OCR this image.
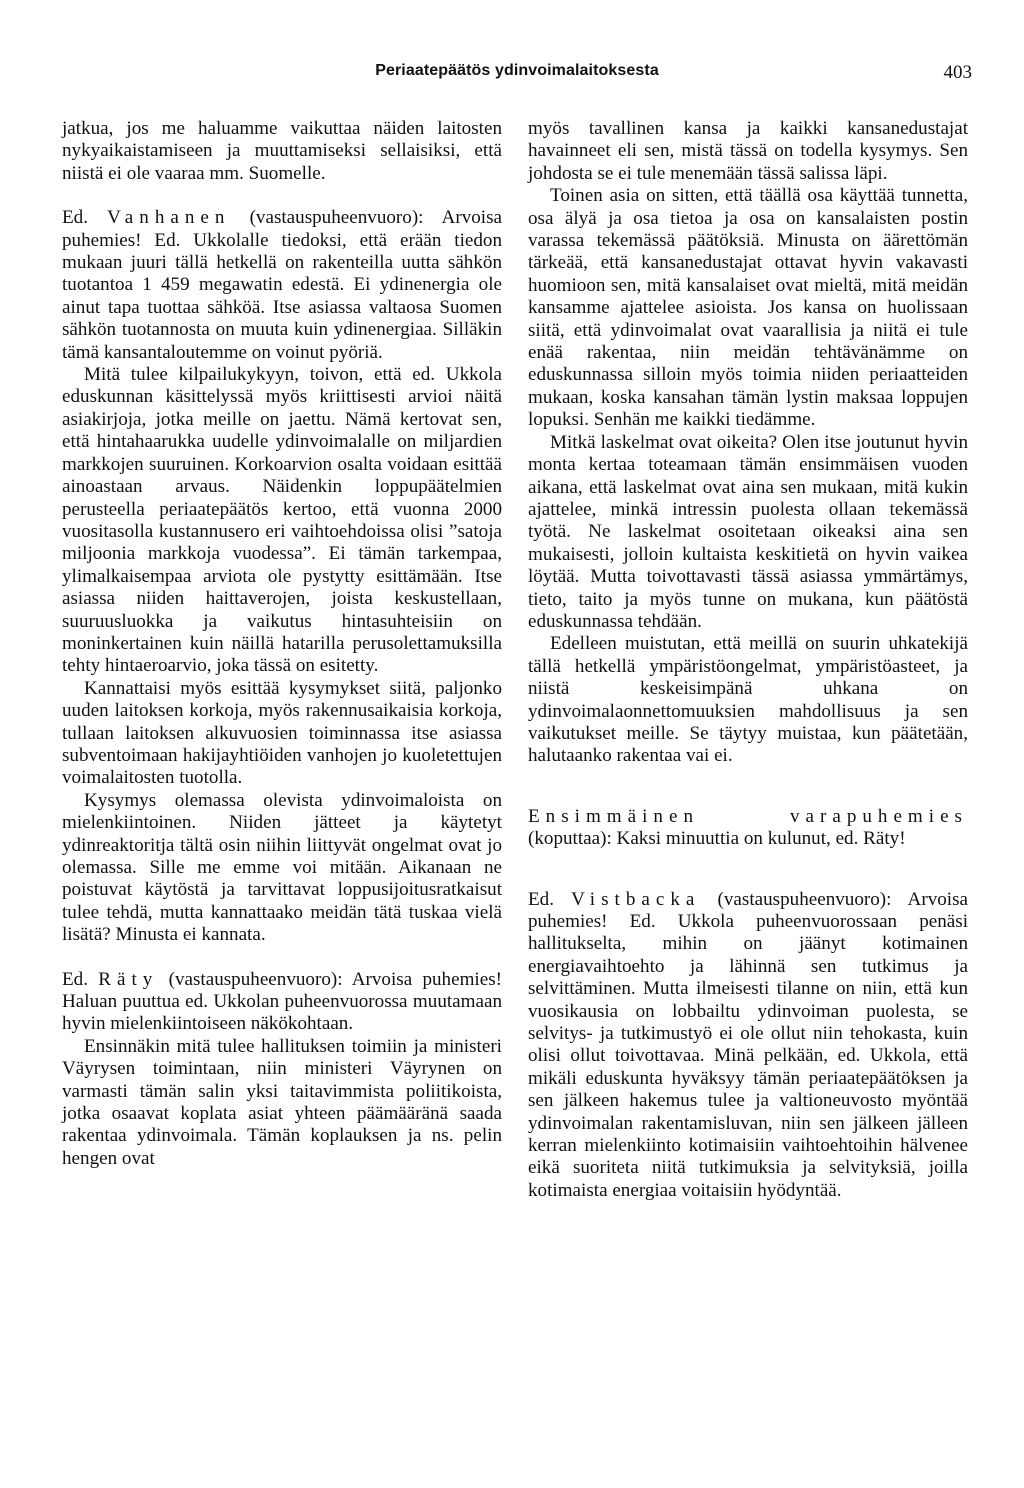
Periaatepäätös ydinvoimalaitoksesta	403

jatkua, jos me haluamme vaikuttaa näiden laitosten nykyaikaistamiseen ja muuttamiseksi sellaisiksi, että niistä ei ole vaaraa mm. Suomelle.

Ed. Vanhanen (vastauspuheenvuoro): Arvoisa puhemies! Ed. Ukkolalle tiedoksi, että erään tiedon mukaan juuri tällä hetkellä on rakenteilla uutta sähkön tuotantoa 1 459 megawatin edestä. Ei ydinenergia ole ainut tapa tuottaa sähköä. Itse asiassa valtaosa Suomen sähkön tuotannosta on muuta kuin ydinenergiaa. Silläkin tämä kansantaloutemme on voinut pyöriä.

Mitä tulee kilpailukykyyn, toivon, että ed. Ukkola eduskunnan käsittelyssä myös kriittisesti arvioi näitä asiakirjoja, jotka meille on jaettu. Nämä kertovat sen, että hintahaarukka uudelle ydinvoimalalle on miljardien markkojen suuruinen. Korkoarvion osalta voidaan esittää ainoastaan arvaus. Näidenkin loppupäätelmien perusteella periaatepäätös kertoo, että vuonna 2000 vuositasolla kustannusero eri vaihtoehdoissa olisi ”satoja miljoonia markkoja vuodessa”. Ei tämän tarkempaa, ylimalkaisempaa arviota ole pystytty esittämään. Itse asiassa niiden haittaverojen, joista keskustellaan, suuruusluokka ja vaikutus hintasuhteisiin on moninkertainen kuin näillä hatarilla perusolettamuksilla tehty hintaeroarvio, joka tässä on esitetty.

Kannattaisi myös esittää kysymykset siitä, paljonko uuden laitoksen korkoja, myös rakennusaikaisia korkoja, tullaan laitoksen alkuvuosien toiminnassa itse asiassa subventoimaan hakijayhtiöiden vanhojen jo kuoletettujen voimalaitosten tuotolla.

Kysymys olemassa olevista ydinvoimaloista on mielenkiintoinen. Niiden jätteet ja käytetyt ydinreaktoritja tältä osin niihin liittyvät ongelmat ovat jo olemassa. Sille me emme voi mitään. Aikanaan ne poistuvat käytöstä ja tarvittavat loppusijoitusratkaisut tulee tehdä, mutta kannattaako meidän tätä tuskaa vielä lisätä? Minusta ei kannata.

Ed. Räty (vastauspuheenvuoro): Arvoisa puhemies! Haluan puuttua ed. Ukkolan puheenvuorossa muutamaan hyvin mielenkiintoiseen näkökohtaan.

Ensinnäkin mitä tulee hallituksen toimiin ja ministeri Väyrysen toimintaan, niin ministeri Väyrynen on varmasti tämän salin yksi taitavimmista poliitikoista, jotka osaavat koplata asiat yhteen päämääränä saada rakentaa ydinvoimala. Tämän koplauksen ja ns. pelin hengen ovat

myös tavallinen kansa ja kaikki kansanedustajat havainneet eli sen, mistä tässä on todella kysymys. Sen johdosta se ei tule menemään tässä salissa läpi.

Toinen asia on sitten, että täällä osa käyttää tunnetta, osa älyä ja osa tietoa ja osa on kansalaisten postin varassa tekemässä päätöksiä. Minusta on äärettömän tärkeää, että kansanedustajat ottavat hyvin vakavasti huomioon sen, mitä kansalaiset ovat mieltä, mitä meidän kansamme ajattelee asioista. Jos kansa on huolissaan siitä, että ydinvoimalat ovat vaarallisia ja niitä ei tule enää rakentaa, niin meidän tehtävänämme on eduskunnassa silloin myös toimia niiden periaatteiden mukaan, koska kansahan tämän lystin maksaa loppujen lopuksi. Senhän me kaikki tiedämme.

Mitkä laskelmat ovat oikeita? Olen itse joutunut hyvin monta kertaa toteamaan tämän ensimmäisen vuoden aikana, että laskelmat ovat aina sen mukaan, mitä kukin ajattelee, minkä intressin puolesta ollaan tekemässä työtä. Ne laskelmat osoitetaan oikeaksi aina sen mukaisesti, jolloin kultaista keskitietä on hyvin vaikea löytää. Mutta toivottavasti tässä asiassa ymmärtämys, tieto, taito ja myös tunne on mukana, kun päätöstä eduskunnassa tehdään.

Edelleen muistutan, että meillä on suurin uhkatekijä tällä hetkellä ympäristöongelmat, ympäristöasteet, ja niistä keskeisimpänä uhkana on ydinvoimalaonnettomuuksien mahdollisuus ja sen vaikutukset meille. Se täytyy muistaa, kun päätetään, halutaanko rakentaa vai ei.

Ensimmäinen varapuhemies (koputtaa): Kaksi minuuttia on kulunut, ed. Räty!

Ed. Vistbacka (vastauspuheenvuoro): Arvoisa puhemies! Ed. Ukkola puheenvuorossaan penäsi hallitukselta, mihin on jäänyt kotimainen energiavaihtoehto ja lähinnä sen tutkimus ja selvittäminen. Mutta ilmeisesti tilanne on niin, että kun vuosikausia on lobbailtu ydinvoiman puolesta, se selvitys- ja tutkimustyö ei ole ollut niin tehokasta, kuin olisi ollut toivottavaa. Minä pelkään, ed. Ukkola, että mikäli eduskunta hyväksyy tämän periaatepäätöksen ja sen jälkeen hakemus tulee ja valtioneuvosto myöntää ydinvoimalan rakentamisluvan, niin sen jälkeen jälleen kerran mielenkiinto kotimaisiin vaihtoehtoihin hälvenee eikä suoriteta niitä tutkimuksia ja selvityksiä, joilla kotimaista energiaa voitaisiin hyödyntää.
